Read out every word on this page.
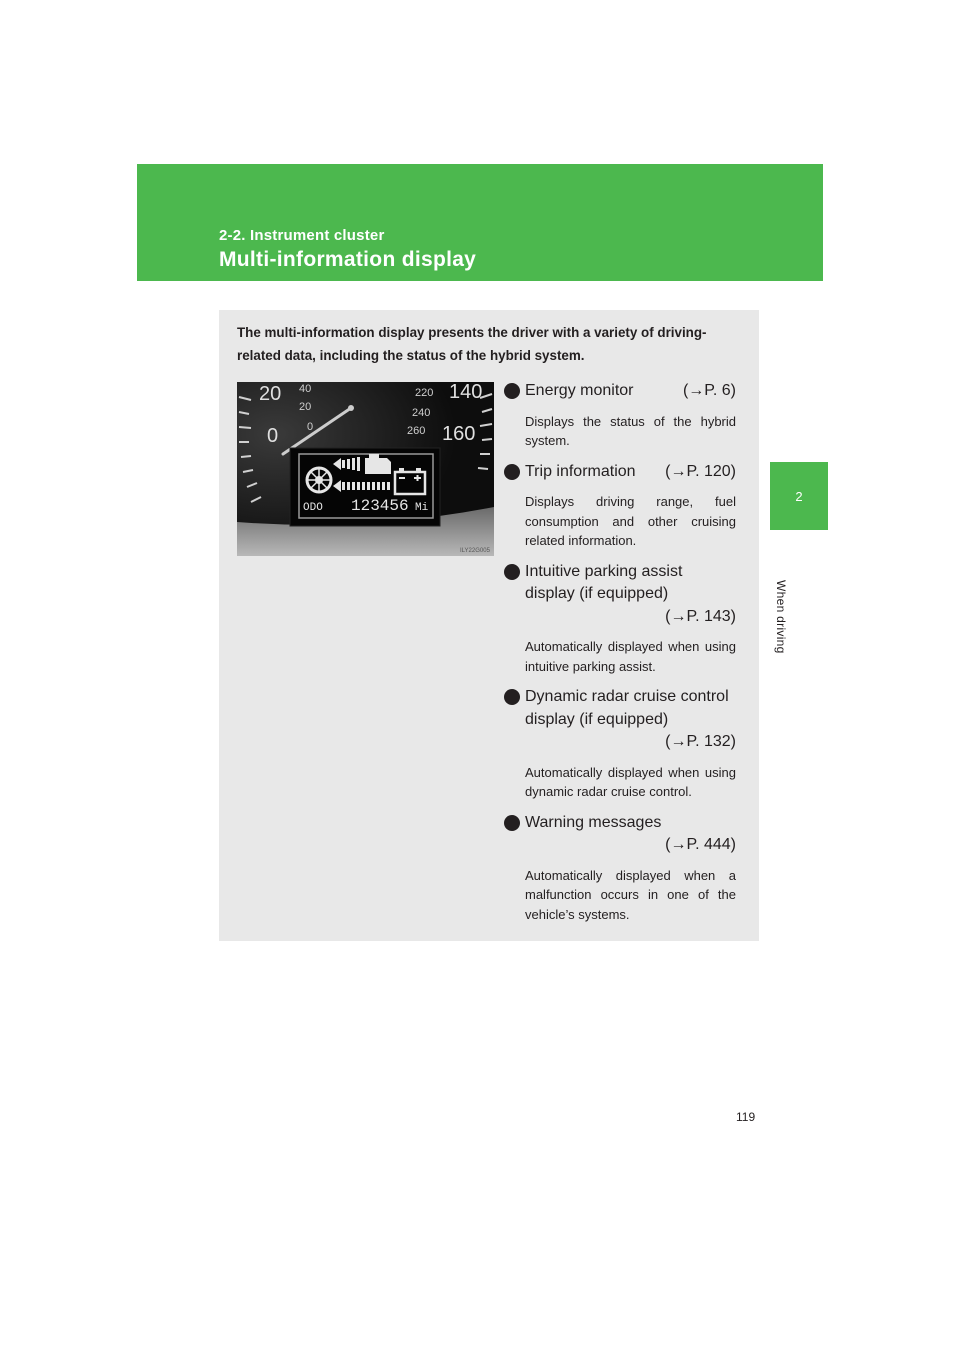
2-2. Instrument cluster
Multi-information display
2
When driving
The multi-information display presents the driver with a variety of driving-related data, including the status of the hybrid system.
20 40
20
0	0
220 140
240
260 160
ODO 123456 Mi
ILY22G005
(→P. 6)
Energy monitor
Displays the status of the hybrid system.
(→P. 120)
Trip information
Displays driving range, fuel consumption and other cruising related information.
Intuitive parking assist display (if equipped)
(→P. 143)
Automatically displayed when using intuitive parking assist.
Dynamic radar cruise control display (if equipped)
(→P. 132)
Automatically displayed when using dynamic radar cruise control.
Warning messages
(→P. 444)
Automatically displayed when a malfunction occurs in one of the vehicle’s systems.
119
